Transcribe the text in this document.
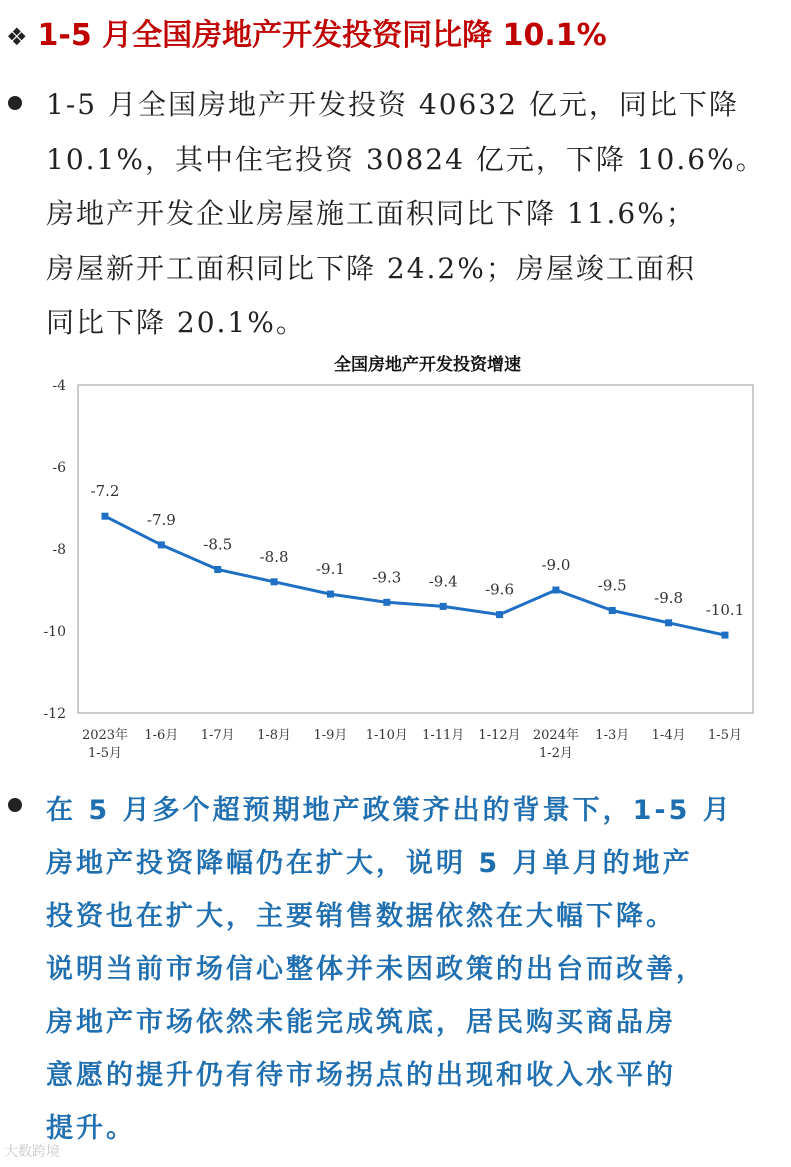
❖ 1-5 月全国房地产开发投资同比降 10.1%
1-5 月全国房地产开发投资 40632 亿元，同比下降
10.1%，其中住宅投资 30824 亿元，下降 10.6%。
房地产开发企业房屋施工面积同比下降 11.6%；
房屋新开工面积同比下降 24.2%；房屋竣工面积
同比下降 20.1%。
全国房地产开发投资增速
-4
-6
-8
-10
-12
2023年
1-5月
1-6月 1-7月 1-8月 1-9月 1-10月 1-11月 1-12月 2024年
1-2月
1-3月 1-4月 1-5月
-7.2
-7.9
-8.5
-8.8
-9.1 -9.3 -9.4 -9.6
-9.0
-9.5
-9.8
-10.1
在 5 月多个超预期地产政策齐出的背景下，1-5 月
房地产投资降幅仍在扩大，说明 5 月单月的地产
投资也在扩大，主要销售数据依然在大幅下降。
说明当前市场信心整体并未因政策的出台而改善，
房地产市场依然未能完成筑底，居民购买商品房
意愿的提升仍有待市场拐点的出现和收入水平的
提升。
大数跨境
